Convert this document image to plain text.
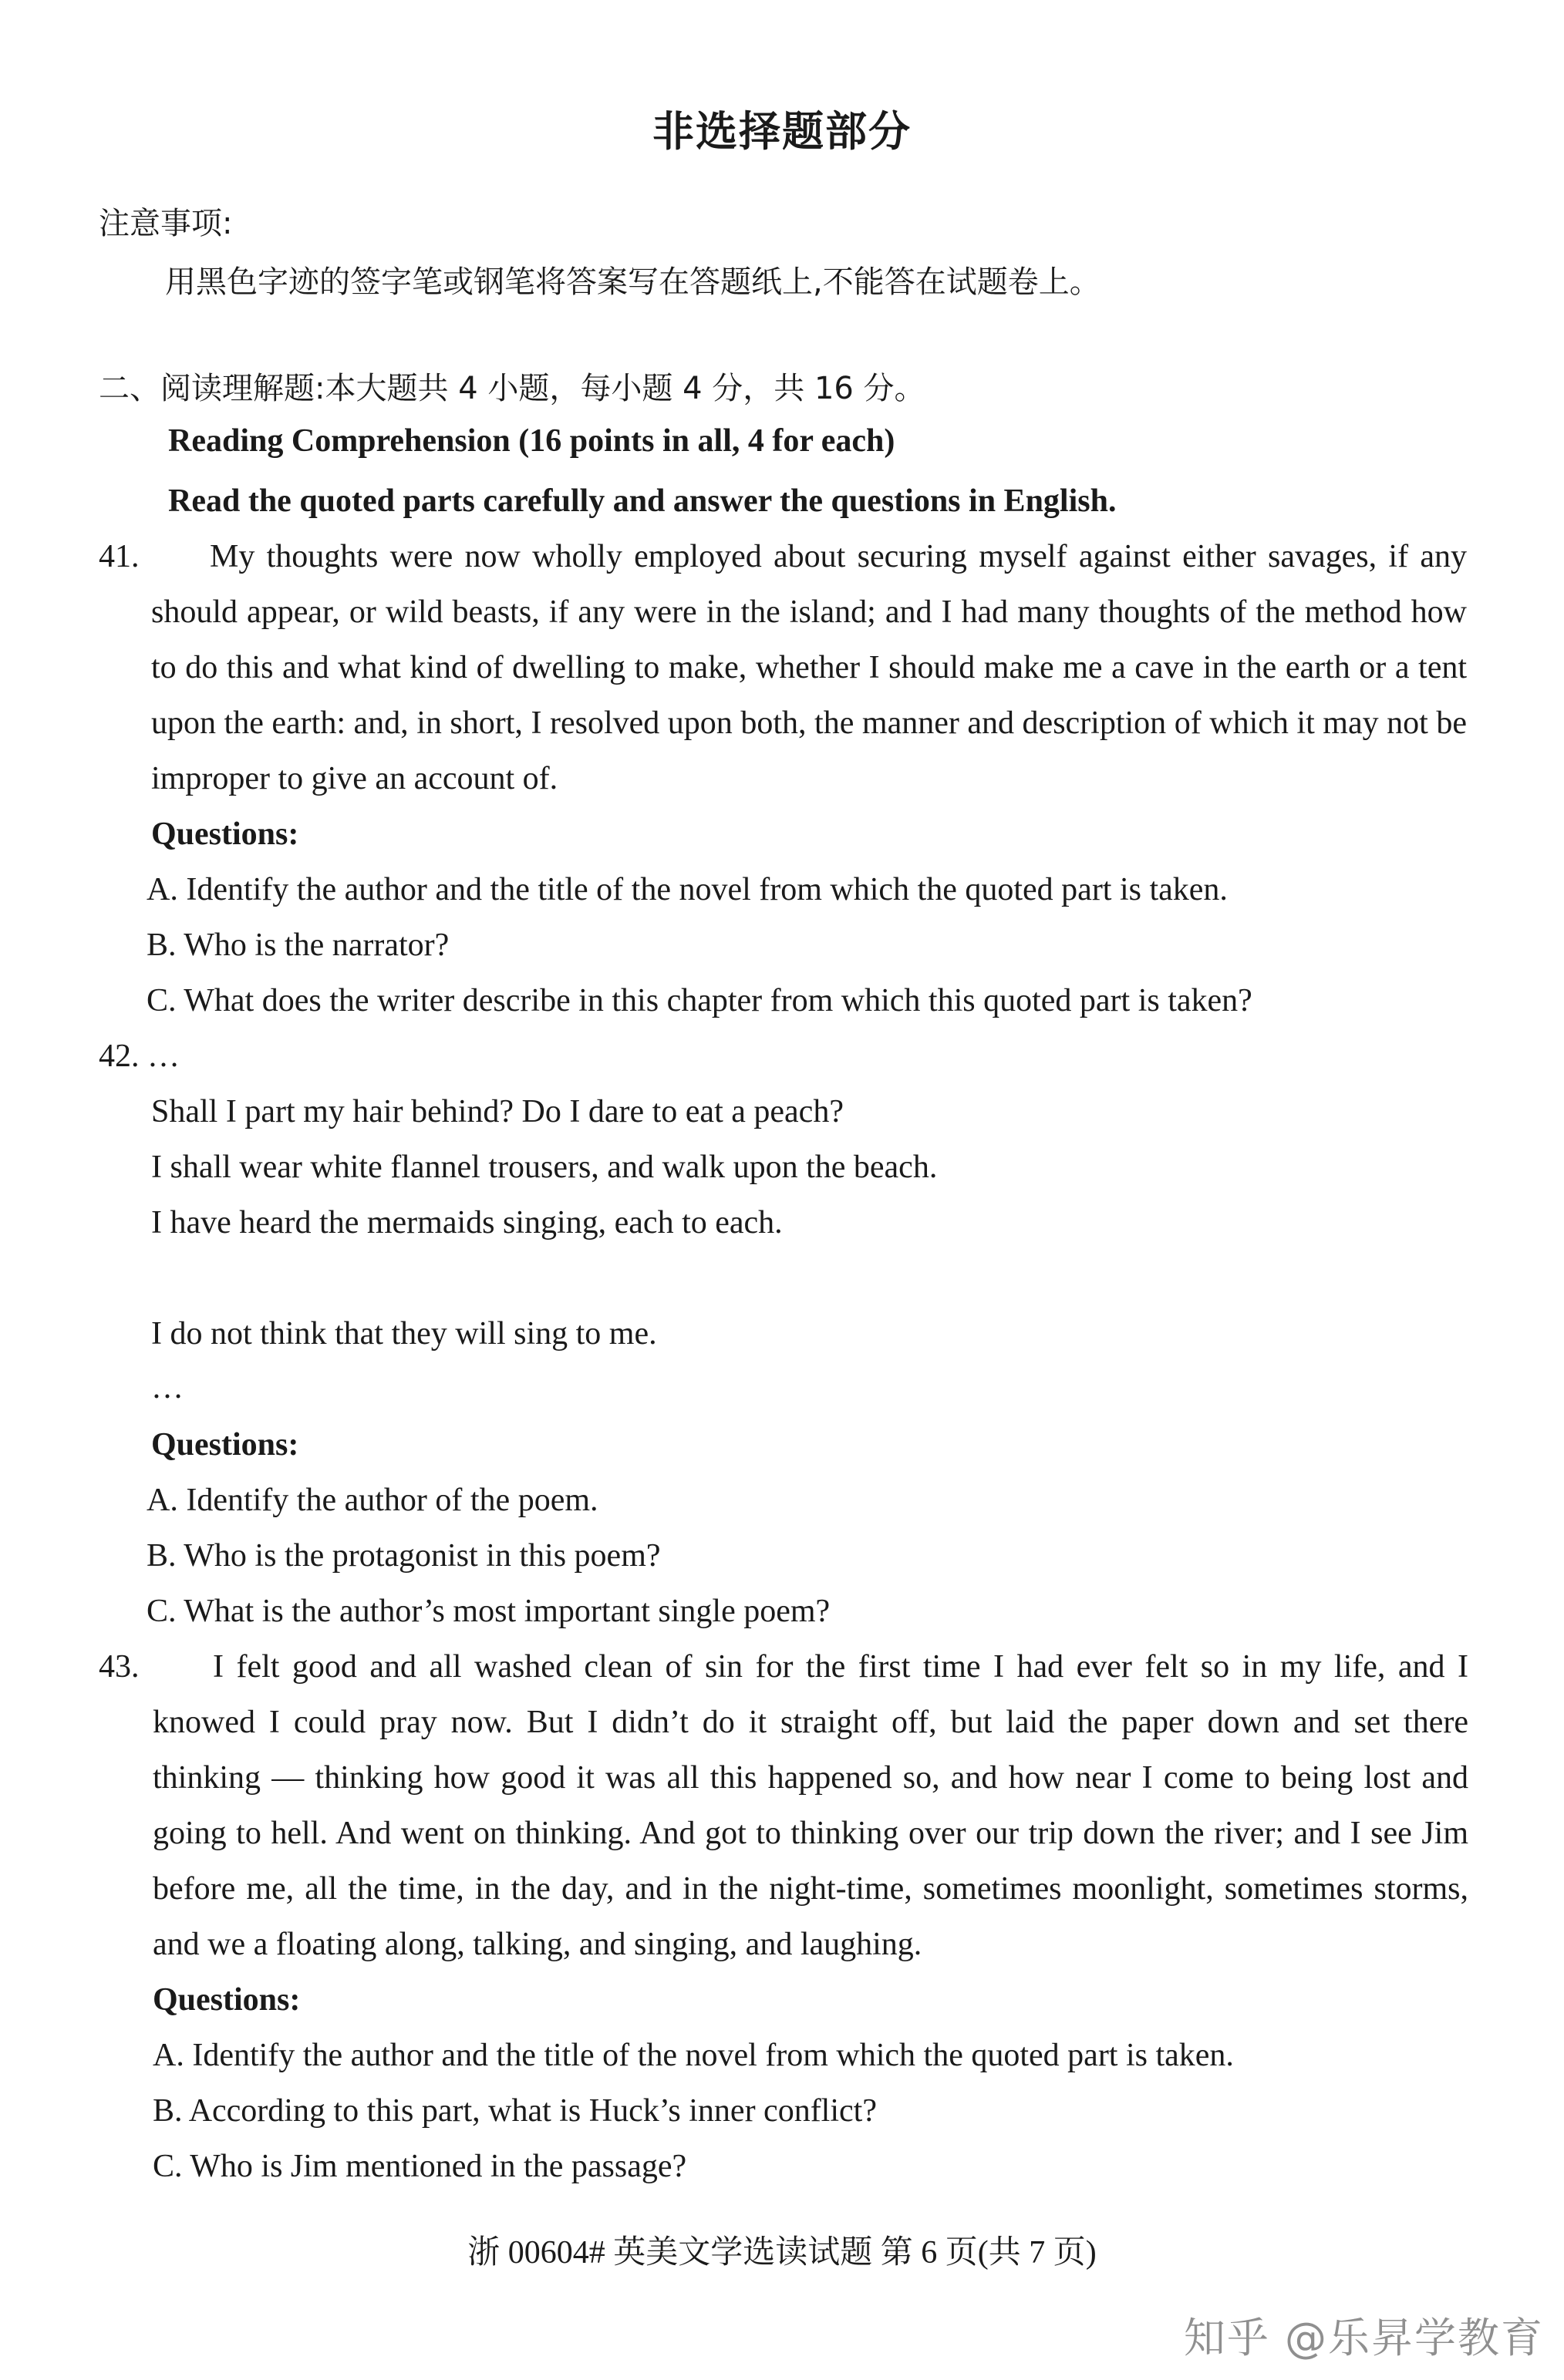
非选择题部分
注意事项:
用黑色字迹的签字笔或钢笔将答案写在答题纸上,不能答在试题卷上。
二、阅读理解题:本大题共 4 小题，每小题 4 分，共 16 分。
Reading Comprehension (16 points in all, 4 for each)
Read the quoted parts carefully and answer the questions in English.
41.	My thoughts were now wholly employed about securing myself against either savages, if any should appear, or wild beasts, if any were in the island; and I had many thoughts of the method how to do this and what kind of dwelling to make, whether I should make me a cave in the earth or a tent upon the earth: and, in short, I resolved upon both, the manner and description of which it may not be improper to give an account of.
Questions:
A. Identify the author and the title of the novel from which the quoted part is taken.
B. Who is the narrator?
C. What does the writer describe in this chapter from which this quoted part is taken?
42. …
Shall I part my hair behind? Do I dare to eat a peach?
I shall wear white flannel trousers, and walk upon the beach.
I have heard the mermaids singing, each to each.
I do not think that they will sing to me.
…
Questions:
A. Identify the author of the poem.
B. Who is the protagonist in this poem?
C. What is the author’s most important single poem?
43.	I felt good and all washed clean of sin for the first time I had ever felt so in my life, and I knowed I could pray now. But I didn’t do it straight off, but laid the paper down and set there thinking — thinking how good it was all this happened so, and how near I come to being lost and going to hell. And went on thinking. And got to thinking over our trip down the river; and I see Jim before me, all the time, in the day, and in the night-time, sometimes moonlight, sometimes storms, and we a floating along, talking, and singing, and laughing.
Questions:
A. Identify the author and the title of the novel from which the quoted part is taken.
B. According to this part, what is Huck’s inner conflict?
C. Who is Jim mentioned in the passage?
浙 00604# 英美文学选读试题 第 6 页(共 7 页)
知乎 @乐昇学教育
